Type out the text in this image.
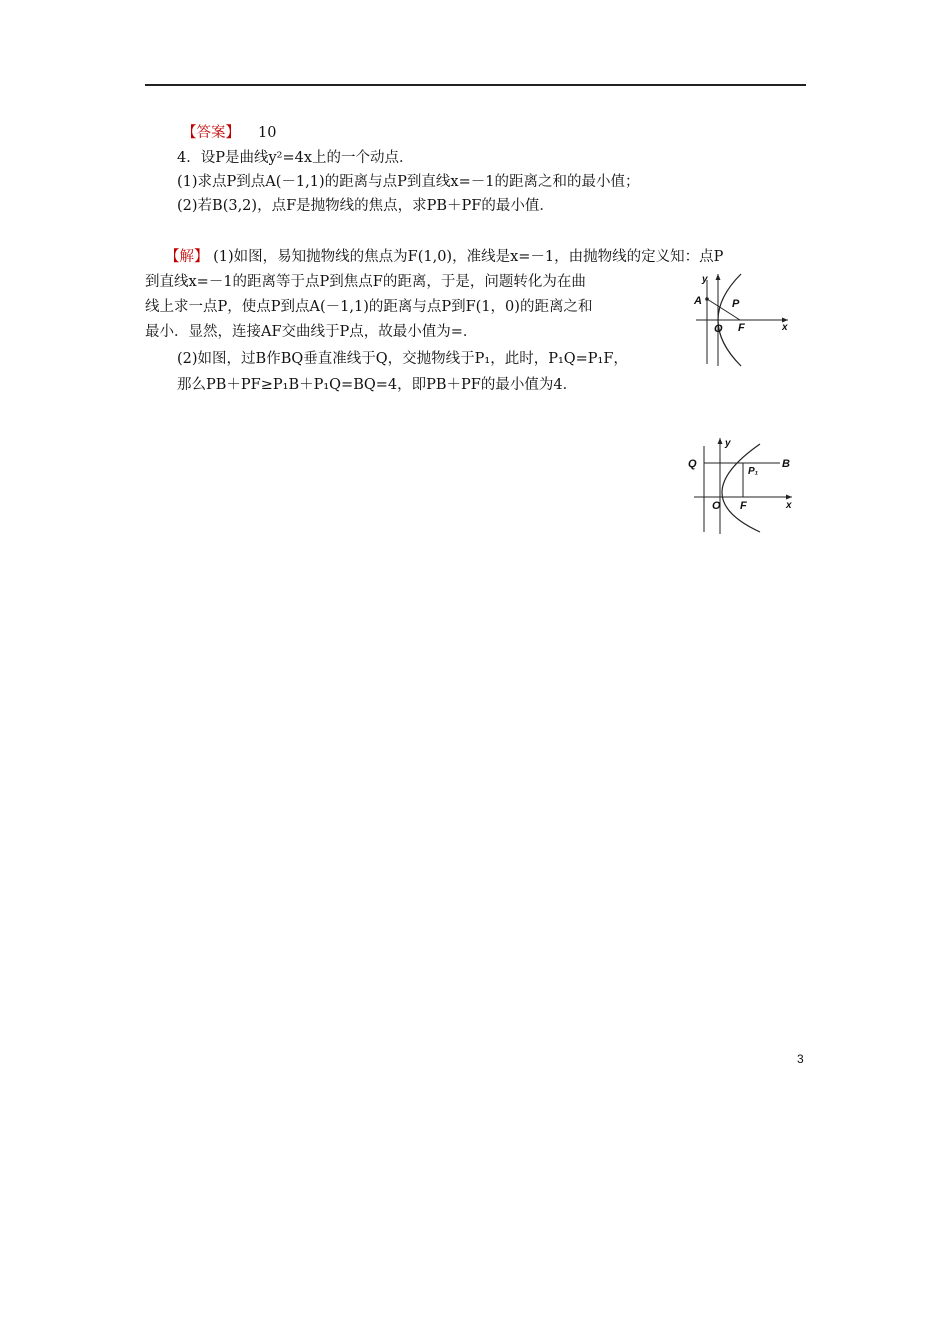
【答案】 10
4．设P是曲线y²=4x上的一个动点．
(1)求点P到点A(－1,1)的距离与点P到直线x=－1的距离之和的最小值；
(2)若B(3,2)，点F是抛物线的焦点，求PB＋PF的最小值．
【解】 (1)如图，易知抛物线的焦点为F(1,0)，准线是x=－1，由抛物线的定义知：点P
到直线x=－1的距离等于点P到焦点F的距离，于是，问题转化为在曲
线上求一点P，使点P到点A(－1,1)的距离与点P到F(1，0)的距离之和
最小．显然，连接AF交曲线于P点，故最小值为=．
(2)如图，过B作BQ垂直准线于Q，交抛物线于P₁，此时，P₁Q=P₁F，
那么PB＋PF≥P₁B＋P₁Q=BQ=4，即PB＋PF的最小值为4．
y
A	P
O F	x
y
Q
P₁
B
O F	x
3
